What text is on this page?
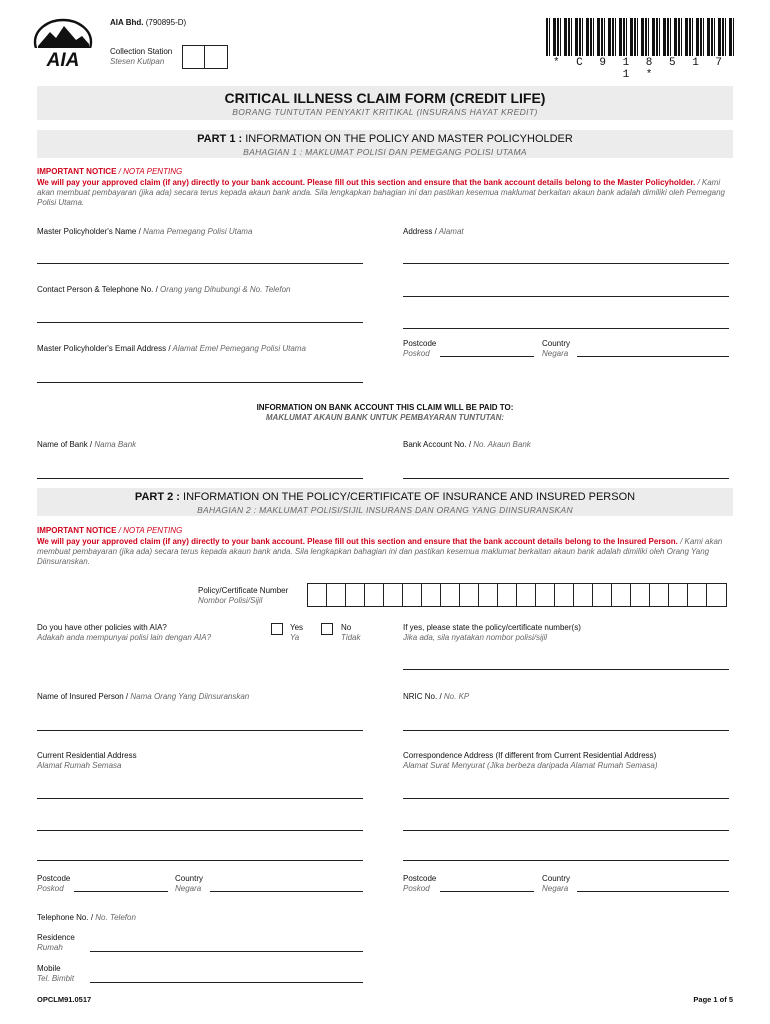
AIA
AIA Bhd. (790895-D)
Collection Station
Stesen Kutipan	* C 9 1 8 5 1 7 1 *
CRITICAL ILLNESS CLAIM FORM (CREDIT LIFE)
BORANG TUNTUTAN PENYAKIT KRITIKAL (INSURANS HAYAT KREDIT)
PART 1 : INFORMATION ON THE POLICY AND MASTER POLICYHOLDER
BAHAGIAN 1 : MAKLUMAT POLISI DAN PEMEGANG POLISI UTAMA
IMPORTANT NOTICE / NOTA PENTING
We will pay your approved claim (if any) directly to your bank account. Please fill out this section and ensure that the bank account details belong to the Master Policyholder. / Kami akan membuat pembayaran (jika ada) secara terus kepada akaun bank anda. Sila lengkapkan bahagian ini dan pastikan kesemua maklumat berkaitan akaun bank adalah dimiliki oleh Pemegang Polisi Utama.
Master Policyholder's Name / Nama Pemegang Polisi Utama	Address / Alamat
Contact Person & Telephone No. / Orang yang Dihubungi & No. Telefon
Postcode
Poskod
Country
Negara
Master Policyholder's Email Address / Alamat Emel Pemegang Polisi Utama
INFORMATION ON BANK ACCOUNT THIS CLAIM WILL BE PAID TO:
MAKLUMAT AKAUN BANK UNTUK PEMBAYARAN TUNTUTAN:
Name of Bank / Nama Bank	Bank Account No. / No. Akaun Bank
PART 2 : INFORMATION ON THE POLICY/CERTIFICATE OF INSURANCE AND INSURED PERSON
BAHAGIAN 2 : MAKLUMAT POLISI/SIJIL INSURANS DAN ORANG YANG DIINSURANSKAN
IMPORTANT NOTICE / NOTA PENTING
We will pay your approved claim (if any) directly to your bank account. Please fill out this section and ensure that the bank account details belong to the Insured Person. / Kami akan membuat pembayaran (jika ada) secara terus kepada akaun bank anda. Sila lengkapkan bahagian ini dan pastikan kesemua maklumat berkaitan akaun bank adalah dimiliki oleh Orang Yang Diinsuranskan.
Policy/Certificate Number
Nombor Polisi/Sijil
Do you have other policies with AIA?
Adakah anda mempunyai polisi lain dengan AIA?
Yes
Ya
No
Tidak
If yes, please state the policy/certificate number(s)
Jika ada, sila nyatakan nombor polisi/sijil
Name of Insured Person / Nama Orang Yang Diinsuranskan	NRIC No. / No. KP
Current Residential Address
Alamat Rumah Semasa
Correspondence Address (If different from Current Residential Address)
Alamat Surat Menyurat (Jika berbeza daripada Alamat Rumah Semasa)
Postcode
Poskod
Country
Negara
Postcode
Poskod
Country
Negara
Telephone No. / No. Telefon
Residence
Rumah
Mobile
Tel. Bimbit
OPCLM91.0517	Page 1 of 5
